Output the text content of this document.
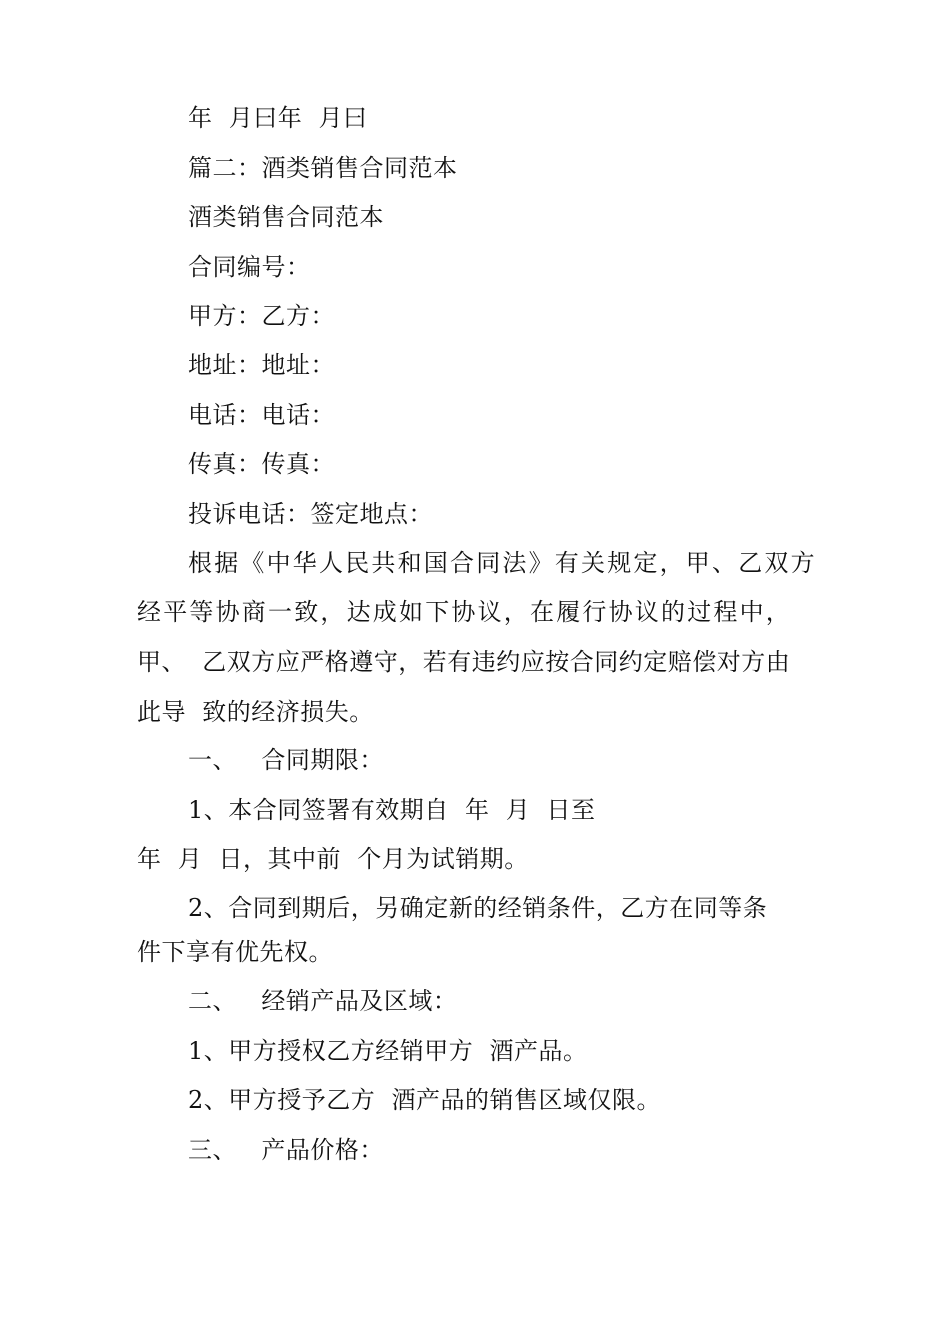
年  月曰年  月曰
篇二：酒类销售合同范本
酒类销售合同范本
合同编号：
甲方：乙方：
地址：地址：
电话：电话：
传真：传真：
投诉电话：签定地点：
根据《中华人民共和国合同法》有关规定，甲、乙双方
经平等协商一致，达成如下协议，在履行协议的过程中，
甲、  乙双方应严格遵守，若有违约应按合同约定赔偿对方由
此导  致的经济损失。
一、   合同期限：
1、本合同签署有效期自  年  月  日至
年  月  日，其中前  个月为试销期。
2、合同到期后，另确定新的经销条件，乙方在同等条
件下享有优先权。
二、   经销产品及区域：
1、甲方授权乙方经销甲方  酒产品。
2、甲方授予乙方  酒产品的销售区域仅限。
三、   产品价格：
